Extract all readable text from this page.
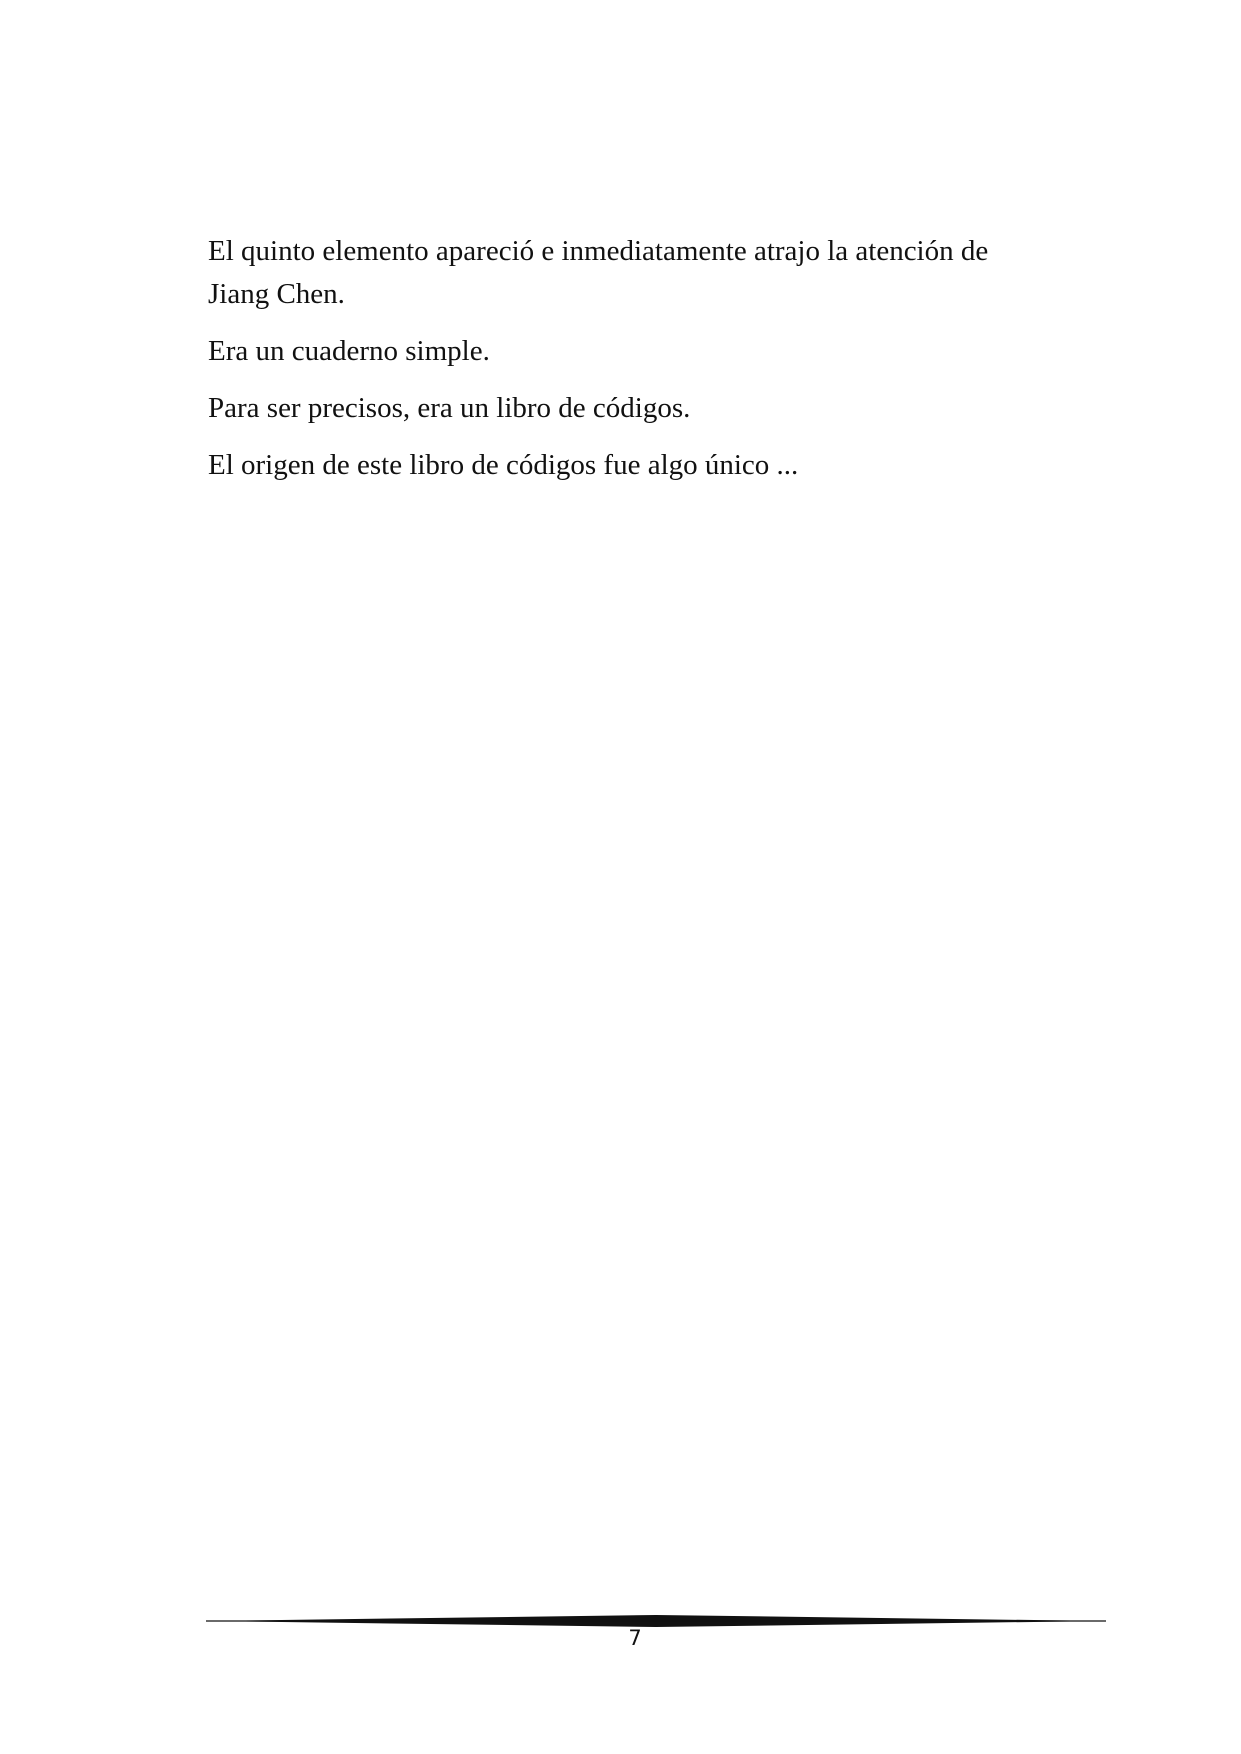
El quinto elemento apareció e inmediatamente atrajo la atención de Jiang Chen.

Era un cuaderno simple.

Para ser precisos, era un libro de códigos.

El origen de este libro de códigos fue algo único ...

7
